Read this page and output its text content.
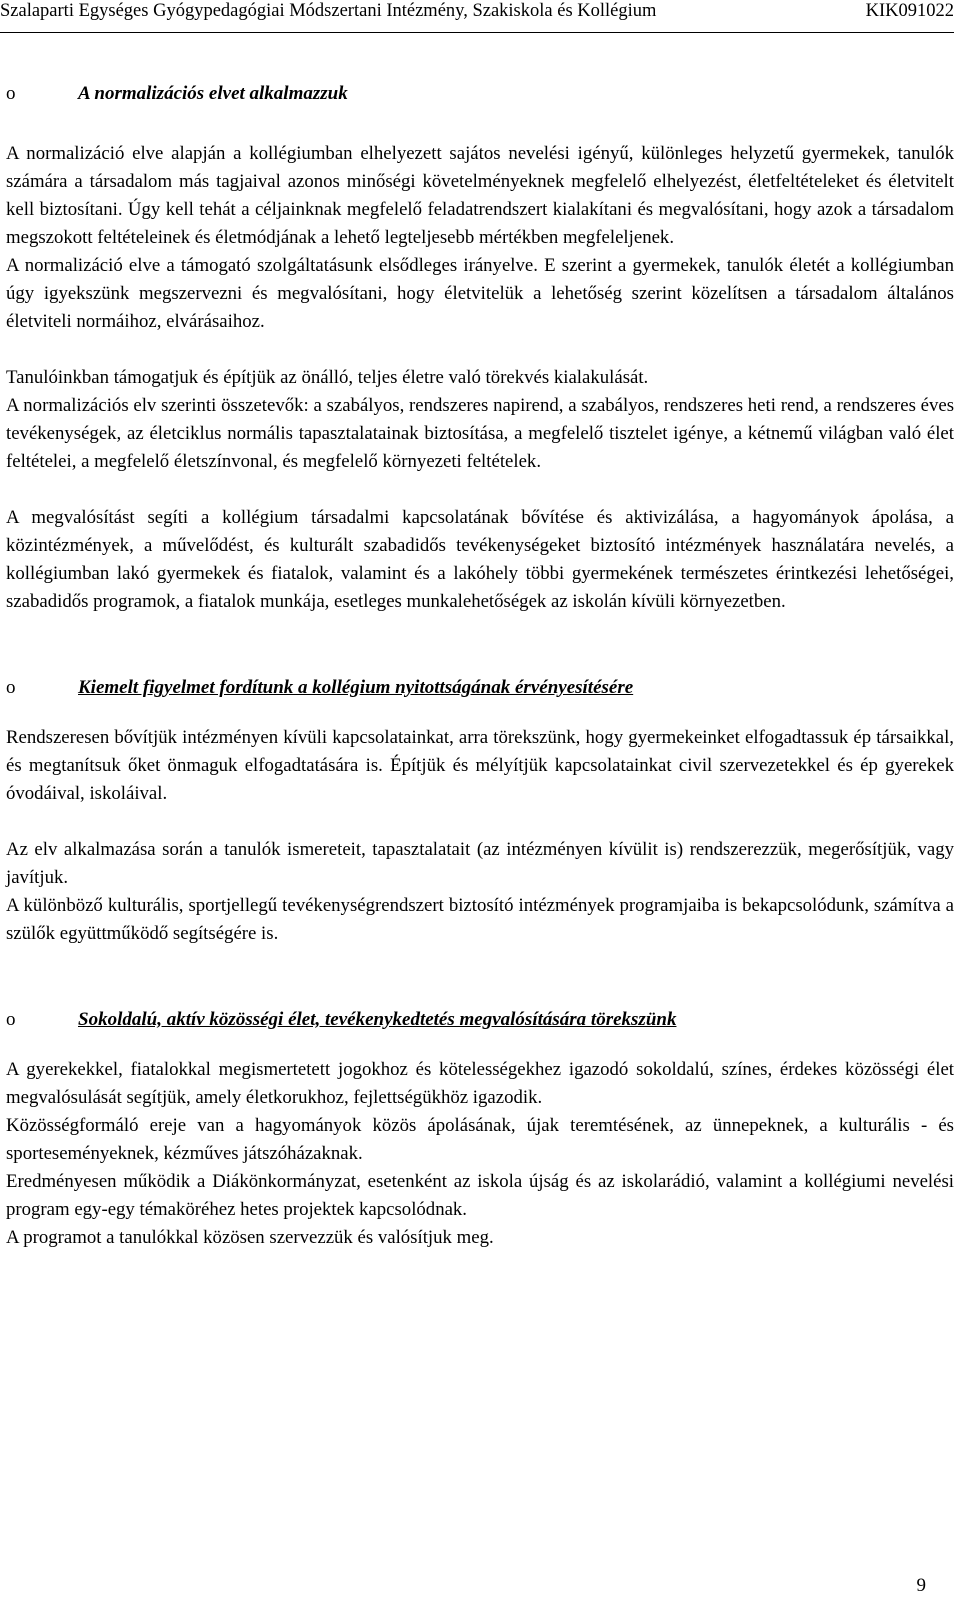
Szalaparti Egységes Gyógypedagógiai Módszertani Intézmény, Szakiskola és Kollégium	KIK091022
o	A normalizációs elvet alkalmazzuk

A normalizáció elve alapján a kollégiumban elhelyezett sajátos nevelési igényű, különleges helyzetű gyermekek, tanulók számára a társadalom más tagjaival azonos minőségi követelményeknek megfelelő elhelyezést, életfeltételeket és életvitelt kell biztosítani. Úgy kell tehát a céljainknak megfelelő feladatrendszert kialakítani és megvalósítani, hogy azok a társadalom megszokott feltételeinek és életmódjának a lehető legteljesebb mértékben megfeleljenek.

A normalizáció elve a támogató szolgáltatásunk elsődleges irányelve. E szerint a gyermekek, tanulók életét a kollégiumban úgy igyekszünk megszervezni és megvalósítani, hogy életvitelük a lehetőség szerint közelítsen a társadalom általános életviteli normáihoz, elvárásaihoz.

Tanulóinkban támogatjuk és építjük az önálló, teljes életre való törekvés kialakulását.

A normalizációs elv szerinti összetevők: a szabályos, rendszeres napirend, a szabályos, rendszeres heti rend, a rendszeres éves tevékenységek, az életciklus normális tapasztalatainak biztosítása, a megfelelő tisztelet igénye, a kétnemű világban való élet feltételei, a megfelelő életszínvonal, és megfelelő környezeti feltételek.

A megvalósítást segíti a kollégium társadalmi kapcsolatának bővítése és aktivizálása, a hagyományok ápolása, a közintézmények, a művelődést, és kulturált szabadidős tevékenységeket biztosító intézmények használatára nevelés, a kollégiumban lakó gyermekek és fiatalok, valamint és a lakóhely többi gyermekének természetes érintkezési lehetőségei, szabadidős programok, a fiatalok munkája, esetleges munkalehetőségek az iskolán kívüli környezetben.

o	Kiemelt figyelmet fordítunk a kollégium nyitottságának érvényesítésére

Rendszeresen bővítjük intézményen kívüli kapcsolatainkat, arra törekszünk, hogy gyermekeinket elfogadtassuk ép társaikkal, és megtanítsuk őket önmaguk elfogadtatására is. Építjük és mélyítjük kapcsolatainkat civil szervezetekkel és ép gyerekek óvodáival, iskoláival.

Az elv alkalmazása során a tanulók ismereteit, tapasztalatait (az intézményen kívülit is) rendszerezzük, megerősítjük, vagy javítjuk.

A különböző kulturális, sportjellegű tevékenységrendszert biztosító intézmények programjaiba is bekapcsolódunk, számítva a szülők együttműködő segítségére is.

o	Sokoldalú, aktív közösségi élet, tevékenykedtetés megvalósítására törekszünk

A gyerekekkel, fiatalokkal megismertetett jogokhoz és kötelességekhez igazodó sokoldalú, színes, érdekes közösségi élet megvalósulását segítjük, amely életkorukhoz, fejlettségükhöz igazodik.

Közösségformáló ereje van a hagyományok közös ápolásának, újak teremtésének, az ünnepeknek, a kulturális - és sporteseményeknek, kézműves játszóházaknak.

Eredményesen működik a Diákönkormányzat, esetenként az iskola újság és az iskolarádió, valamint a kollégiumi nevelési program egy-egy témaköréhez hetes projektek kapcsolódnak.

A programot a tanulókkal közösen szervezzük és valósítjuk meg.

9
